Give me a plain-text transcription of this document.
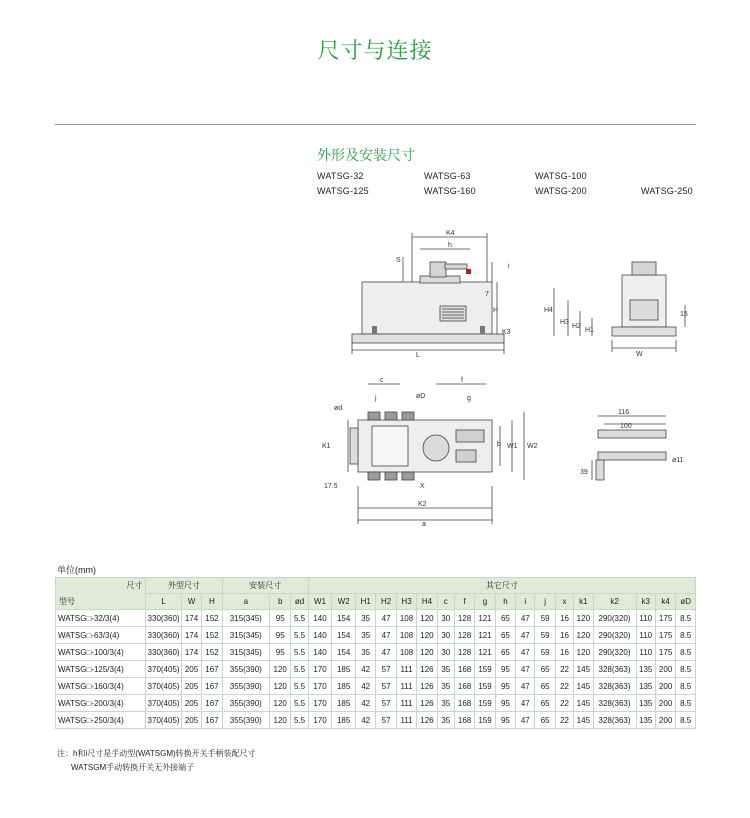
尺寸与连接
外形及安装尺寸
WATSG-32	WATSG-63	WATSG-100
WATSG-125	WATSG-160	WATSG-200	WATSG-250
K4
h
S
i
7
H
L
K3
H4
H3
H2
H1
15
W
c	f
ød
øD
j	g
K1	b W1 W2
17.5	X
K2
a
116
100
39
ø11
单位(mm)
尺寸
型号	外型尺寸			安装尺寸			其它尺寸																	
	L	W	H	a	b	ød	W1	W2	H1	H2	H3	H4	c	f	g	h	i	j	x	k1	k2	k3	k4	øD
WATSG□-32/3(4)	330(360)	174	152	315(345)	95	5.5	140	154	35	47	108	120	30	128	121	65	47	59	16	120	290(320)	110	175	8.5
WATSG□-63/3(4)	330(360)	174	152	315(345)	95	5.5	140	154	35	47	108	120	30	128	121	65	47	59	16	120	290(320)	110	175	8.5
WATSG□-100/3(4)	330(360)	174	152	315(345)	95	5.5	140	154	35	47	108	120	30	128	121	65	47	59	16	120	290(320)	110	175	8.5
WATSG□-125/3(4)	370(405)	205	167	355(390)	120	5.5	170	185	42	57	111	126	35	168	159	95	47	65	22	145	328(363)	135	200	8.5
WATSG□-160/3(4)	370(405)	205	167	355(390)	120	5.5	170	185	42	57	111	126	35	168	159	95	47	65	22	145	328(363)	135	200	8.5
WATSG□-200/3(4)	370(405)	205	167	355(390)	120	5.5	170	185	42	57	111	126	35	168	159	95	47	65	22	145	328(363)	135	200	8.5
WATSG□-250/3(4)	370(405)	205	167	355(390)	120	5.5	170	185	42	57	111	126	35	168	159	95	47	65	22	145	328(363)	135	200	8.5
注：h和i尺寸是手动型(WATSGM)转换开关手柄装配尺寸
WATSGM手动转换开关无外接端子
